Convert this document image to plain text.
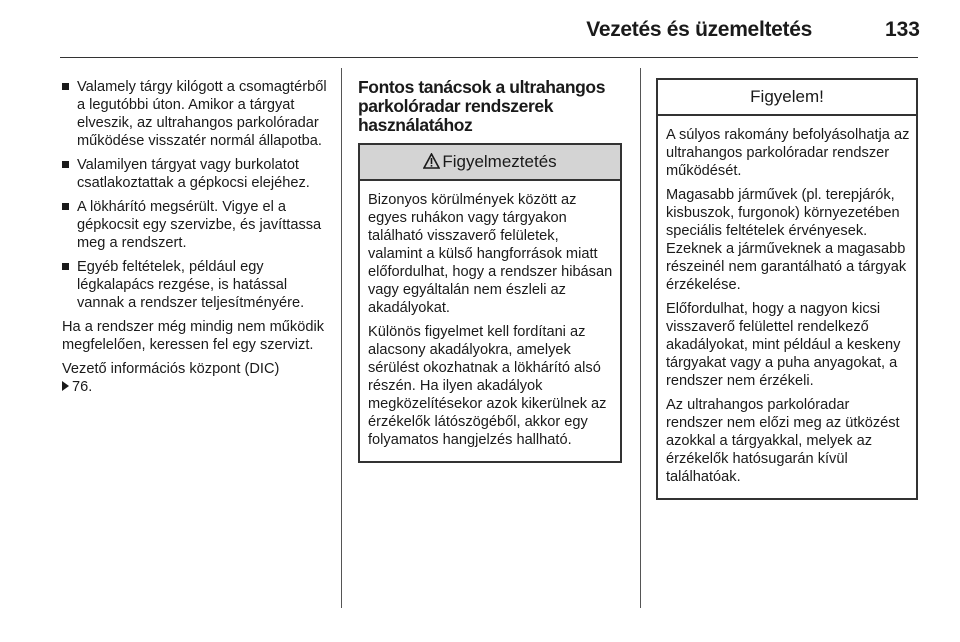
Vezetés és üzemeltetés	133
Valamely tárgy kilógott a csomagtérből a legutóbbi úton. Amikor a tárgyat elveszik, az ultrahangos parkolóradar működése visszatér normál állapotba.
Valamilyen tárgyat vagy burkolatot csatlakoztattak a gépkocsi elejéhez.
A lökhárító megsérült. Vigye el a gépkocsit egy szervizbe, és javíttassa meg a rendszert.
Egyéb feltételek, például egy légkalapács rezgése, is hatással vannak a rendszer teljesítményére.

Ha a rendszer még mindig nem működik megfelelően, keressen fel egy szervizt.

Vezető információs központ (DIC)
76.

Fontos tanácsok a ultrahangos parkolóradar rendszerek használatához
Figyelmeztetés

Bizonyos körülmények között az egyes ruhákon vagy tárgyakon található visszaverő felületek, valamint a külső hangforrások miatt előfordulhat, hogy a rendszer hibásan vagy egyáltalán nem észleli az akadályokat.

Különös figyelmet kell fordítani az alacsony akadályokra, amelyek sérülést okozhatnak a lökhárító alsó részén. Ha ilyen akadályok megközelítésekor azok kikerülnek az érzékelők látószögéből, akkor egy folyamatos hangjelzés hallható.

Figyelem!

A súlyos rakomány befolyásolhatja az ultrahangos parkolóradar rendszer működését.

Magasabb járművek (pl. terepjárók, kisbuszok, furgonok) környezetében speciális feltételek érvényesek. Ezeknek a járműveknek a magasabb részeinél nem garantálható a tárgyak érzékelése.

Előfordulhat, hogy a nagyon kicsi visszaverő felülettel rendelkező akadályokat, mint például a keskeny tárgyakat vagy a puha anyagokat, a rendszer nem érzékeli.

Az ultrahangos parkolóradar rendszer nem előzi meg az ütközést azokkal a tárgyakkal, melyek az érzékelők hatósugarán kívül találhatóak.
